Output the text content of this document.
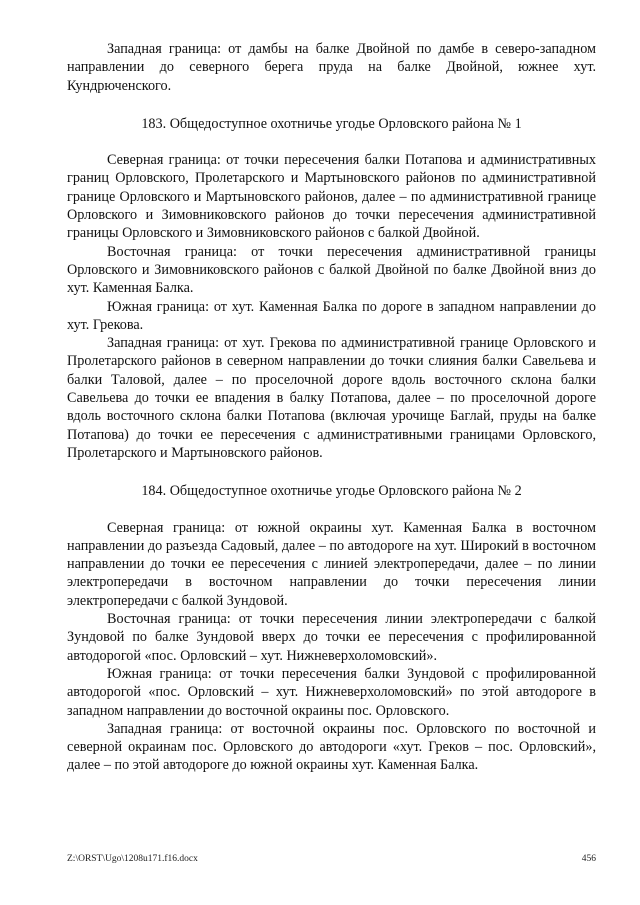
Западная граница: от дамбы на балке Двойной по дамбе в северо-западном направлении до северного берега пруда на балке Двойной, южнее хут. Кундрюченского.

183. Общедоступное охотничье угодье Орловского района № 1

Северная граница: от точки пересечения балки Потапова и административных границ Орловского, Пролетарского и Мартыновского районов по административной границе Орловского и Мартыновского районов, далее – по административной границе Орловского и Зимовниковского районов до точки пересечения административной границы Орловского и Зимовниковского районов с балкой Двойной.

Восточная граница: от точки пересечения административной границы Орловского и Зимовниковского районов с балкой Двойной по балке Двойной вниз до хут. Каменная Балка.

Южная граница: от хут. Каменная Балка по дороге в западном направлении до хут. Грекова.

Западная граница: от хут. Грекова по административной границе Орловского и Пролетарского районов в северном направлении до точки слияния балки Савельева и балки Таловой, далее – по проселочной дороге вдоль восточного склона балки Савельева до точки ее впадения в балку Потапова, далее – по проселочной дороге вдоль восточного склона балки Потапова (включая урочище Баглай, пруды на балке Потапова) до точки ее пересечения с административными границами Орловского, Пролетарского и Мартыновского районов.

184. Общедоступное охотничье угодье Орловского района № 2

Северная граница: от южной окраины хут. Каменная Балка в восточном направлении до разъезда Садовый, далее – по автодороге на хут. Широкий в восточном направлении до точки ее пересечения с линией электропередачи, далее – по линии электропередачи в восточном направлении до точки пересечения линии электропередачи с балкой Зундовой.

Восточная граница: от точки пересечения линии электропередачи с балкой Зундовой по балке Зундовой вверх до точки ее пересечения с профилированной автодорогой «пос. Орловский – хут. Нижневерхоломовский».

Южная граница: от точки пересечения балки Зундовой с профилированной автодорогой «пос. Орловский – хут. Нижневерхоломовский» по этой автодороге в западном направлении до восточной окраины пос. Орловского.

Западная граница: от восточной окраины пос. Орловского по восточной и северной окраинам пос. Орловского до автодороги «хут. Греков – пос. Орловский», далее – по этой автодороге до южной окраины хут. Каменная Балка.

Z:\ORST\Ugo\1208u171.f16.docx	456
